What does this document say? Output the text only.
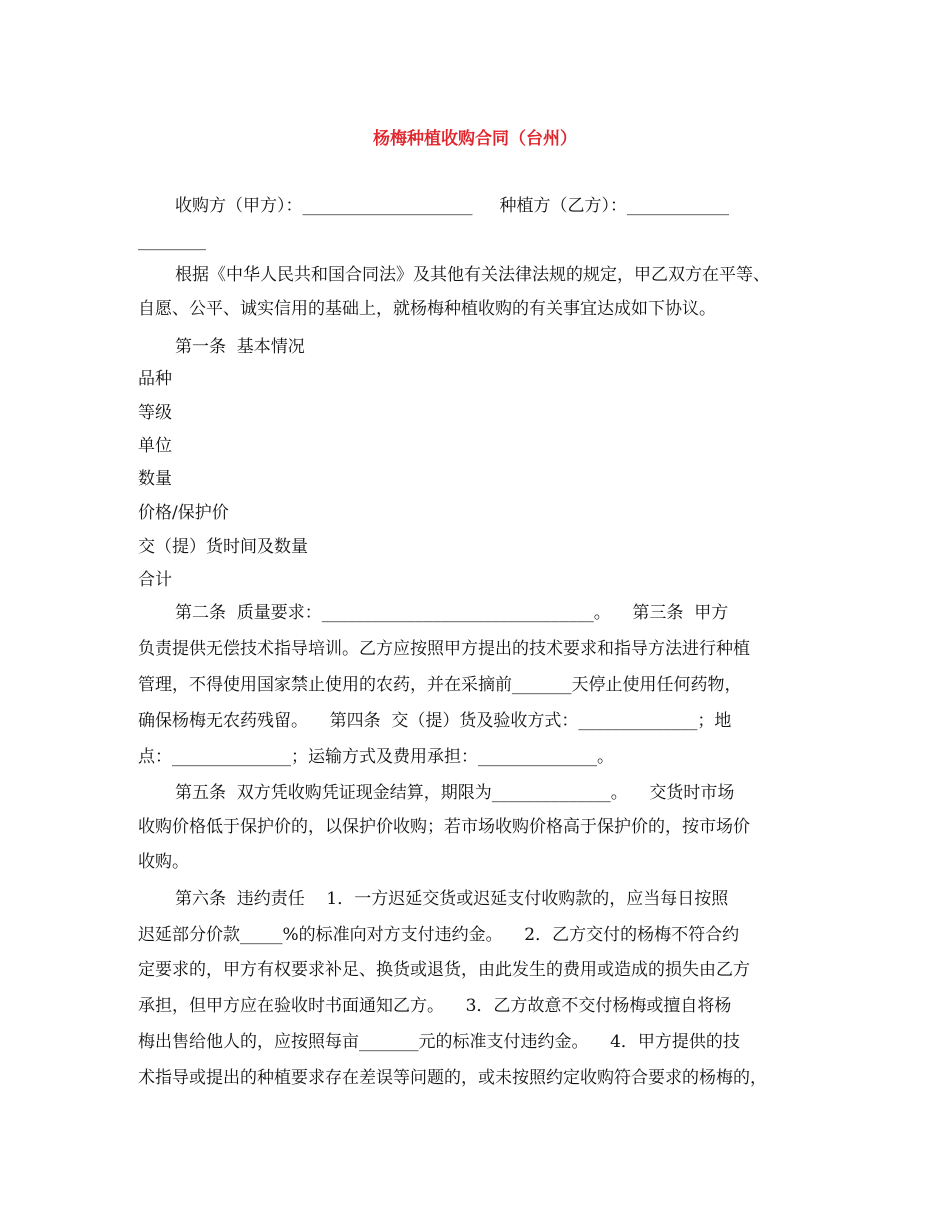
杨梅种植收购合同（台州）
收购方（甲方）：____________________     种植方（乙方）：____________
________
根据《中华人民共和国合同法》及其他有关法律法规的规定，甲乙双方在平等、
自愿、公平、诚实信用的基础上，就杨梅种植收购的有关事宜达成如下协议。
第一条  基本情况
品种
等级
单位
数量
价格/保护价
交（提）货时间及数量
合计
第二条  质量要求：________________________________。    第三条  甲方
负责提供无偿技术指导培训。乙方应按照甲方提出的技术要求和指导方法进行种植
管理，不得使用国家禁止使用的农药，并在采摘前_______天停止使用任何药物，
确保杨梅无农药残留。    第四条  交（提）货及验收方式：______________；地
点：______________；运输方式及费用承担：______________。
第五条  双方凭收购凭证现金结算，期限为______________。    交货时市场
收购价格低于保护价的，以保护价收购；若市场收购价格高于保护价的，按市场价
收购。
第六条  违约责任    1．一方迟延交货或迟延支付收购款的，应当每日按照
迟延部分价款_____%的标准向对方支付违约金。    2．乙方交付的杨梅不符合约
定要求的，甲方有权要求补足、换货或退货，由此发生的费用或造成的损失由乙方
承担，但甲方应在验收时书面通知乙方。    3．乙方故意不交付杨梅或擅自将杨
梅出售给他人的，应按照每亩_______元的标准支付违约金。    4．甲方提供的技
术指导或提出的种植要求存在差误等问题的，或未按照约定收购符合要求的杨梅的，
